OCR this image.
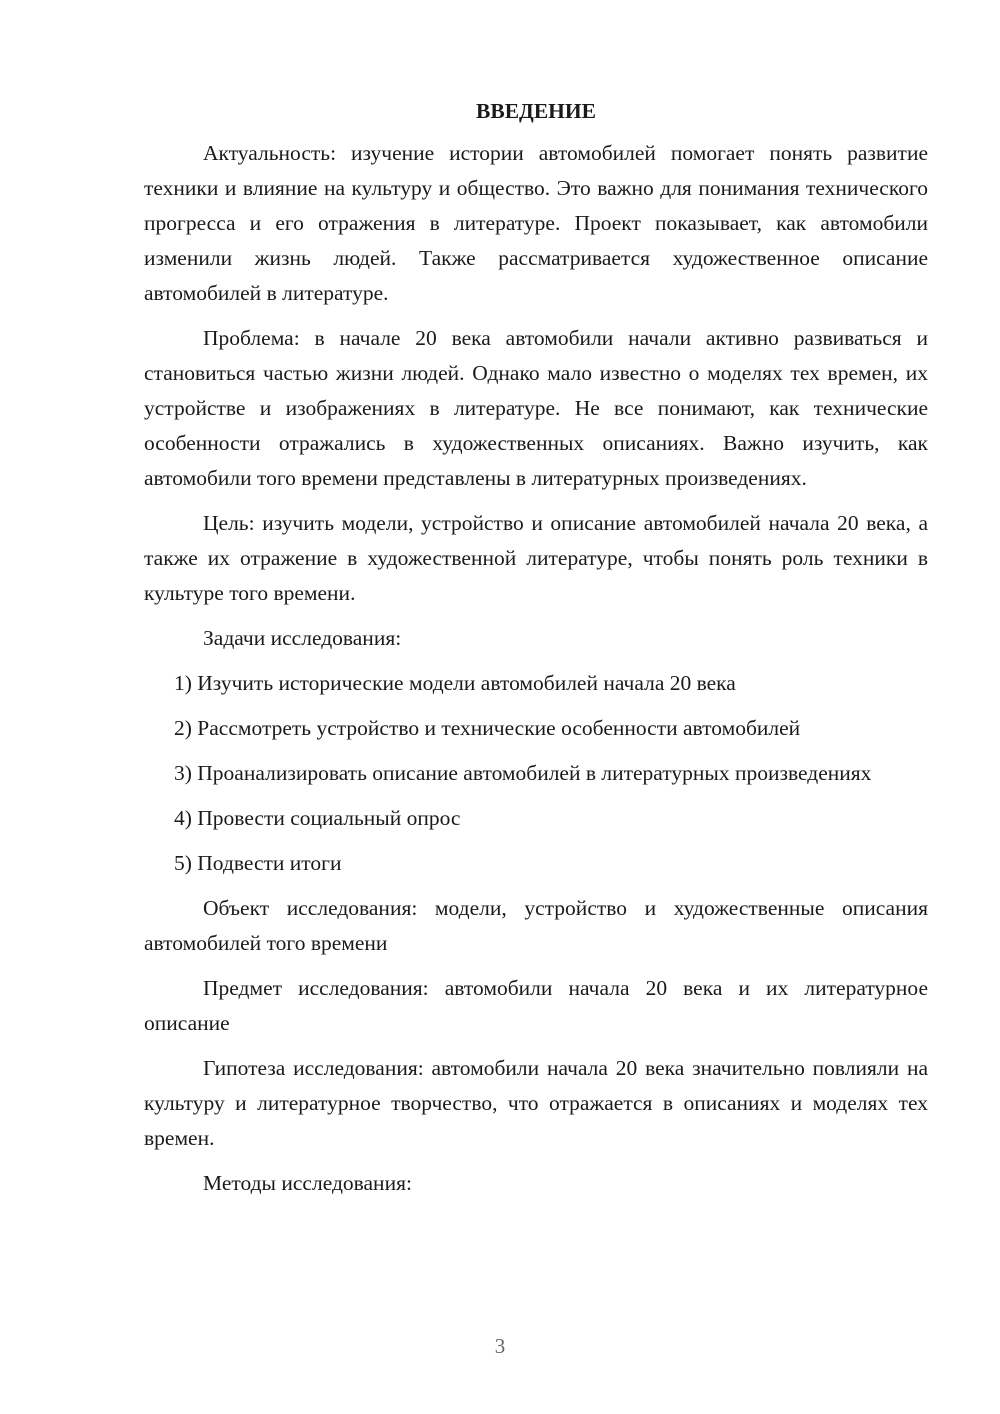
ВВЕДЕНИЕ

Актуальность: изучение истории автомобилей помогает понять развитие техники и влияние на культуру и общество. Это важно для понимания технического прогресса и его отражения в литературе. Проект показывает, как автомобили изменили жизнь людей. Также рассматривается художественное описание автомобилей в литературе.

Проблема: в начале 20 века автомобили начали активно развиваться и становиться частью жизни людей. Однако мало известно о моделях тех времен, их устройстве и изображениях в литературе. Не все понимают, как технические особенности отражались в художественных описаниях. Важно изучить, как автомобили того времени представлены в литературных произведениях.

Цель: изучить модели, устройство и описание автомобилей начала 20 века, а также их отражение в художественной литературе, чтобы понять роль техники в культуре того времени.

Задачи исследования:

1) Изучить исторические модели автомобилей начала 20 века

2) Рассмотреть устройство и технические особенности автомобилей

3) Проанализировать описание автомобилей в литературных произведениях

4) Провести социальный опрос

5) Подвести итоги

Объект исследования: модели, устройство и художественные описания автомобилей того времени

Предмет исследования: автомобили начала 20 века и их литературное описание

Гипотеза исследования: автомобили начала 20 века значительно повлияли на культуру и литературное творчество, что отражается в описаниях и моделях тех времен.

Методы исследования:

3
